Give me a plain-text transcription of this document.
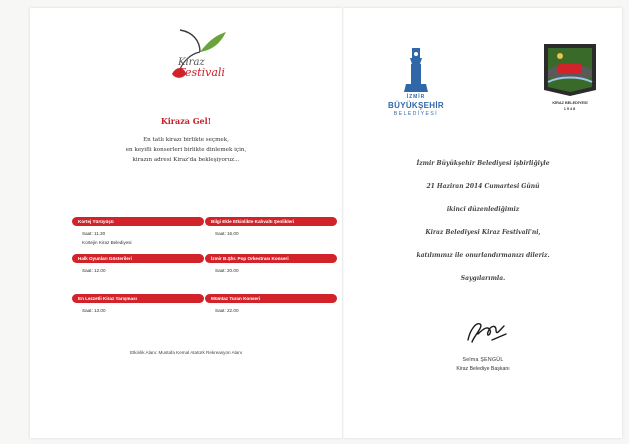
Kiraz
Festivali
Kiraza Gel!
En tatlı kirazı birlikte seçmek,
en keyifli konserleri birlikte dinlemek için,
kirazın adresi Kiraz'da bekleşiyoruz...
Kortej Yürüyüşü
Saat: 11.30
Kortejin Kiraz Belediyesi
Bilgi Ekle Etkinlikte Kahvaltı Şenlikleri
Saat: 16.00
Halk Oyunları Gösterileri
Saat: 12.00
İzmir B.Şhr. Pop Orkestrası Konseri
Saat: 20.00
En Lezzetli Kiraz Yarışması
Saat: 13.00
Mümtaz Turan Konseri
Saat: 22.00
Etkinlik Alanı: Mustafa Kemal Atatürk Rekreasyon Alanı
İZMİR
BÜYÜKŞEHİR
BELEDİYESİ
KİRAZ BELEDİYESİ
1948
İzmir Büyükşehir Belediyesi işbirliğiyle
21 Haziran 2014 Cumartesi Günü
ikinci düzenlediğimiz
Kiraz Belediyesi Kiraz Festivali'ni,
katılımınız ile onurlandırmanızı dileriz.
Saygılarımla.
Selma ŞENGÜL
Kiraz Belediye Başkanı
